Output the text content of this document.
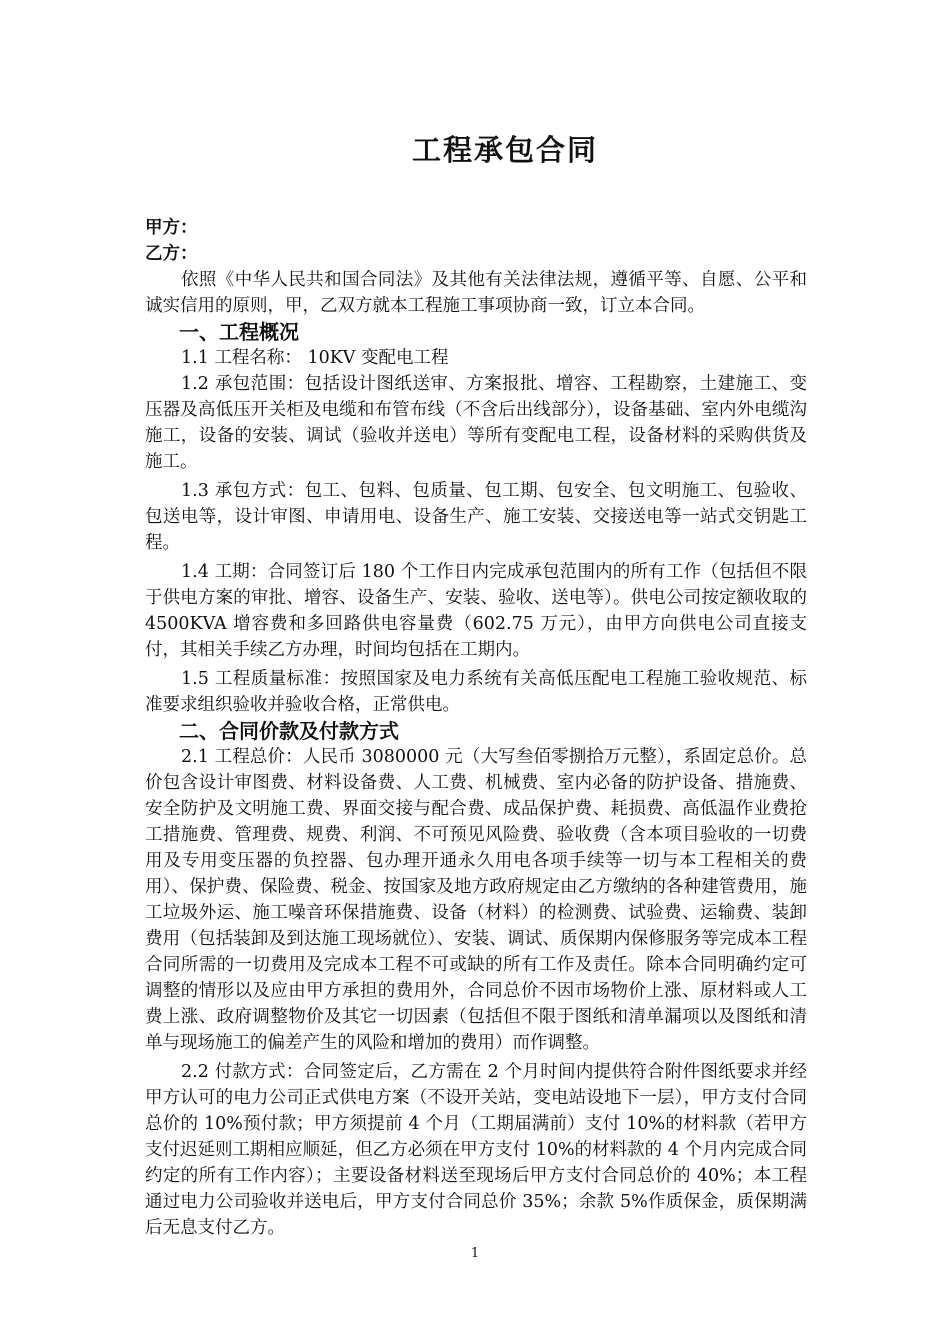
工程承包合同

甲方：

乙方：

依照《中华人民共和国合同法》及其他有关法律法规，遵循平等、自愿、公平和诚实信用的原则，甲，乙双方就本工程施工事项协商一致，订立本合同。

一、工程概况

1.1 工程名称： 10KV 变配电工程

1.2 承包范围：包括设计图纸送审、方案报批、增容、工程勘察，土建施工、变压器及高低压开关柜及电缆和布管布线（不含后出线部分），设备基础、室内外电缆沟施工，设备的安装、调试（验收并送电）等所有变配电工程，设备材料的采购供货及施工。

1.3 承包方式：包工、包料、包质量、包工期、包安全、包文明施工、包验收、包送电等，设计审图、申请用电、设备生产、施工安装、交接送电等一站式交钥匙工程。

1.4 工期：合同签订后 180 个工作日内完成承包范围内的所有工作（包括但不限于供电方案的审批、增容、设备生产、安装、验收、送电等）。供电公司按定额收取的 4500KVA 增容费和多回路供电容量费（602.75 万元），由甲方向供电公司直接支付，其相关手续乙方办理，时间均包括在工期内。

1.5 工程质量标准：按照国家及电力系统有关高低压配电工程施工验收规范、标准要求组织验收并验收合格，正常供电。

二、合同价款及付款方式

2.1 工程总价：人民币 3080000 元（大写叁佰零捌拾万元整），系固定总价。总价包含设计审图费、材料设备费、人工费、机械费、室内必备的防护设备、措施费、安全防护及文明施工费、界面交接与配合费、成品保护费、耗损费、高低温作业费抢工措施费、管理费、规费、利润、不可预见风险费、验收费（含本项目验收的一切费用及专用变压器的负控器、包办理开通永久用电各项手续等一切与本工程相关的费用）、保护费、保险费、税金、按国家及地方政府规定由乙方缴纳的各种建管费用，施工垃圾外运、施工噪音环保措施费、设备（材料）的检测费、试验费、运输费、装卸费用（包括装卸及到达施工现场就位）、安装、调试、质保期内保修服务等完成本工程合同所需的一切费用及完成本工程不可或缺的所有工作及责任。除本合同明确约定可调整的情形以及应由甲方承担的费用外，合同总价不因市场物价上涨、原材料或人工费上涨、政府调整物价及其它一切因素（包括但不限于图纸和清单漏项以及图纸和清单与现场施工的偏差产生的风险和增加的费用）而作调整。

2.2 付款方式：合同签定后，乙方需在 2 个月时间内提供符合附件图纸要求并经甲方认可的电力公司正式供电方案（不设开关站，变电站设地下一层），甲方支付合同总价的 10%预付款；甲方须提前 4 个月（工期届满前）支付 10%的材料款（若甲方支付迟延则工期相应顺延，但乙方必须在甲方支付 10%的材料款的 4 个月内完成合同约定的所有工作内容）；主要设备材料送至现场后甲方支付合同总价的 40%；本工程通过电力公司验收并送电后，甲方支付合同总价 35%；余款 5%作质保金，质保期满后无息支付乙方。

1
